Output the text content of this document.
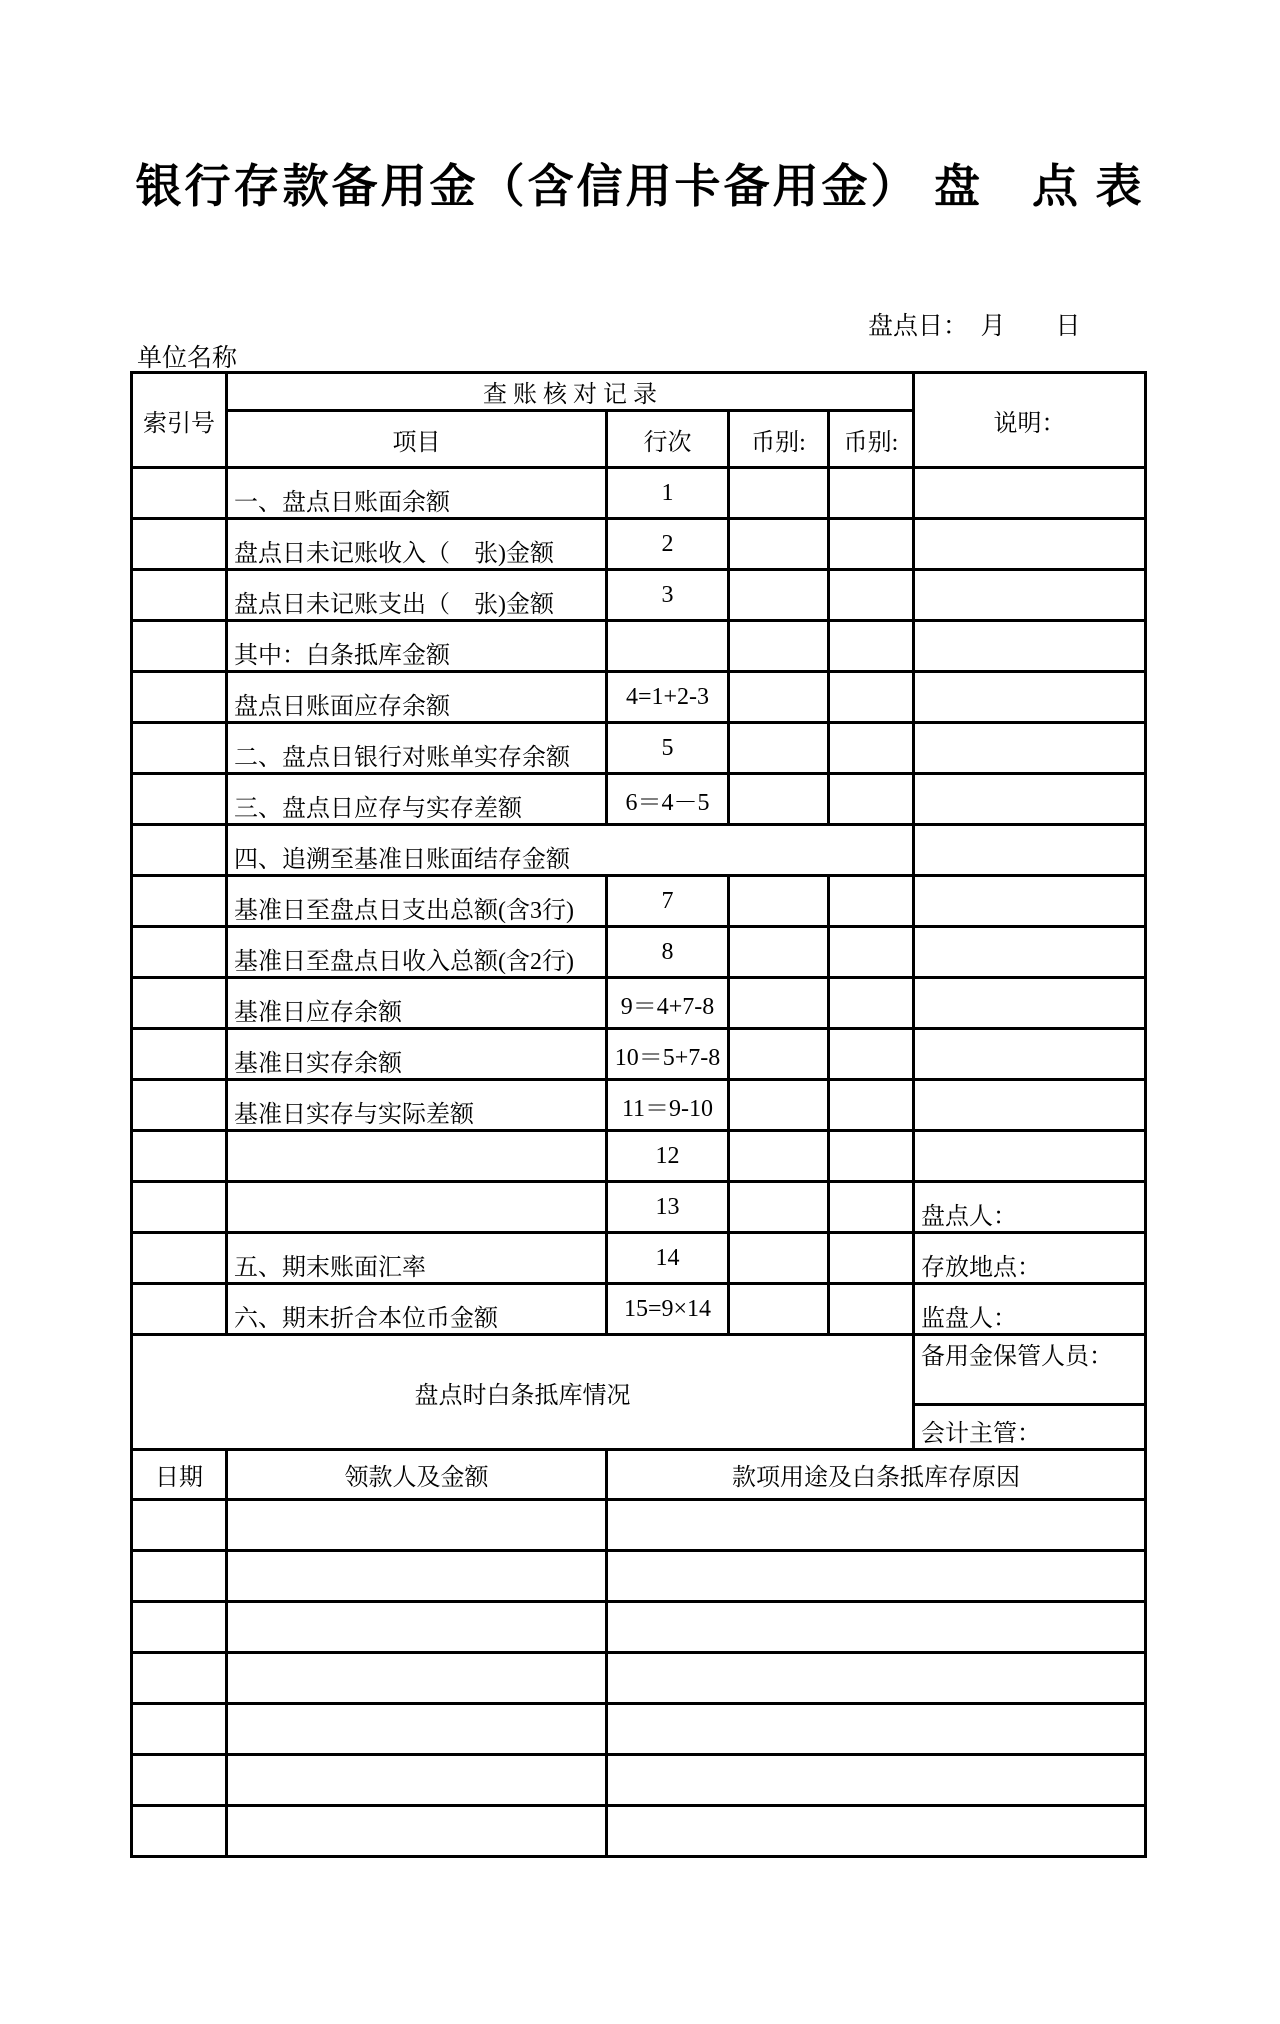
银行存款备用金（含信用卡备用金） 盘　点 表
盘点日：　月　　日
单位名称
索引号	查 账 核 对 记 录				说明：
	项目	行次	币别:	币别:	
	一、盘点日账面余额	1			
	盘点日未记账收入（　张)金额	2			
	盘点日未记账支出（　张)金额	3			
	其中：白条抵库金额				
	盘点日账面应存余额	4=1+2-3			
	二、盘点日银行对账单实存余额	5			
	三、盘点日应存与实存差额	6＝4－5			
	四、追溯至基准日账面结存金额				
	基准日至盘点日支出总额(含3行)	7			
	基准日至盘点日收入总额(含2行)	8			
	基准日应存余额	9＝4+7-8			
	基准日实存余额	10＝5+7-8			
	基准日实存与实际差额	11＝9-10			
		12			
		13			盘点人：
	五、期末账面汇率	14			存放地点：
	六、期末折合本位币金额	15=9×14			监盘人：
盘点时白条抵库情况					备用金保管人员：
					会计主管：
日期	领款人及金额	款项用途及白条抵库存原因			
